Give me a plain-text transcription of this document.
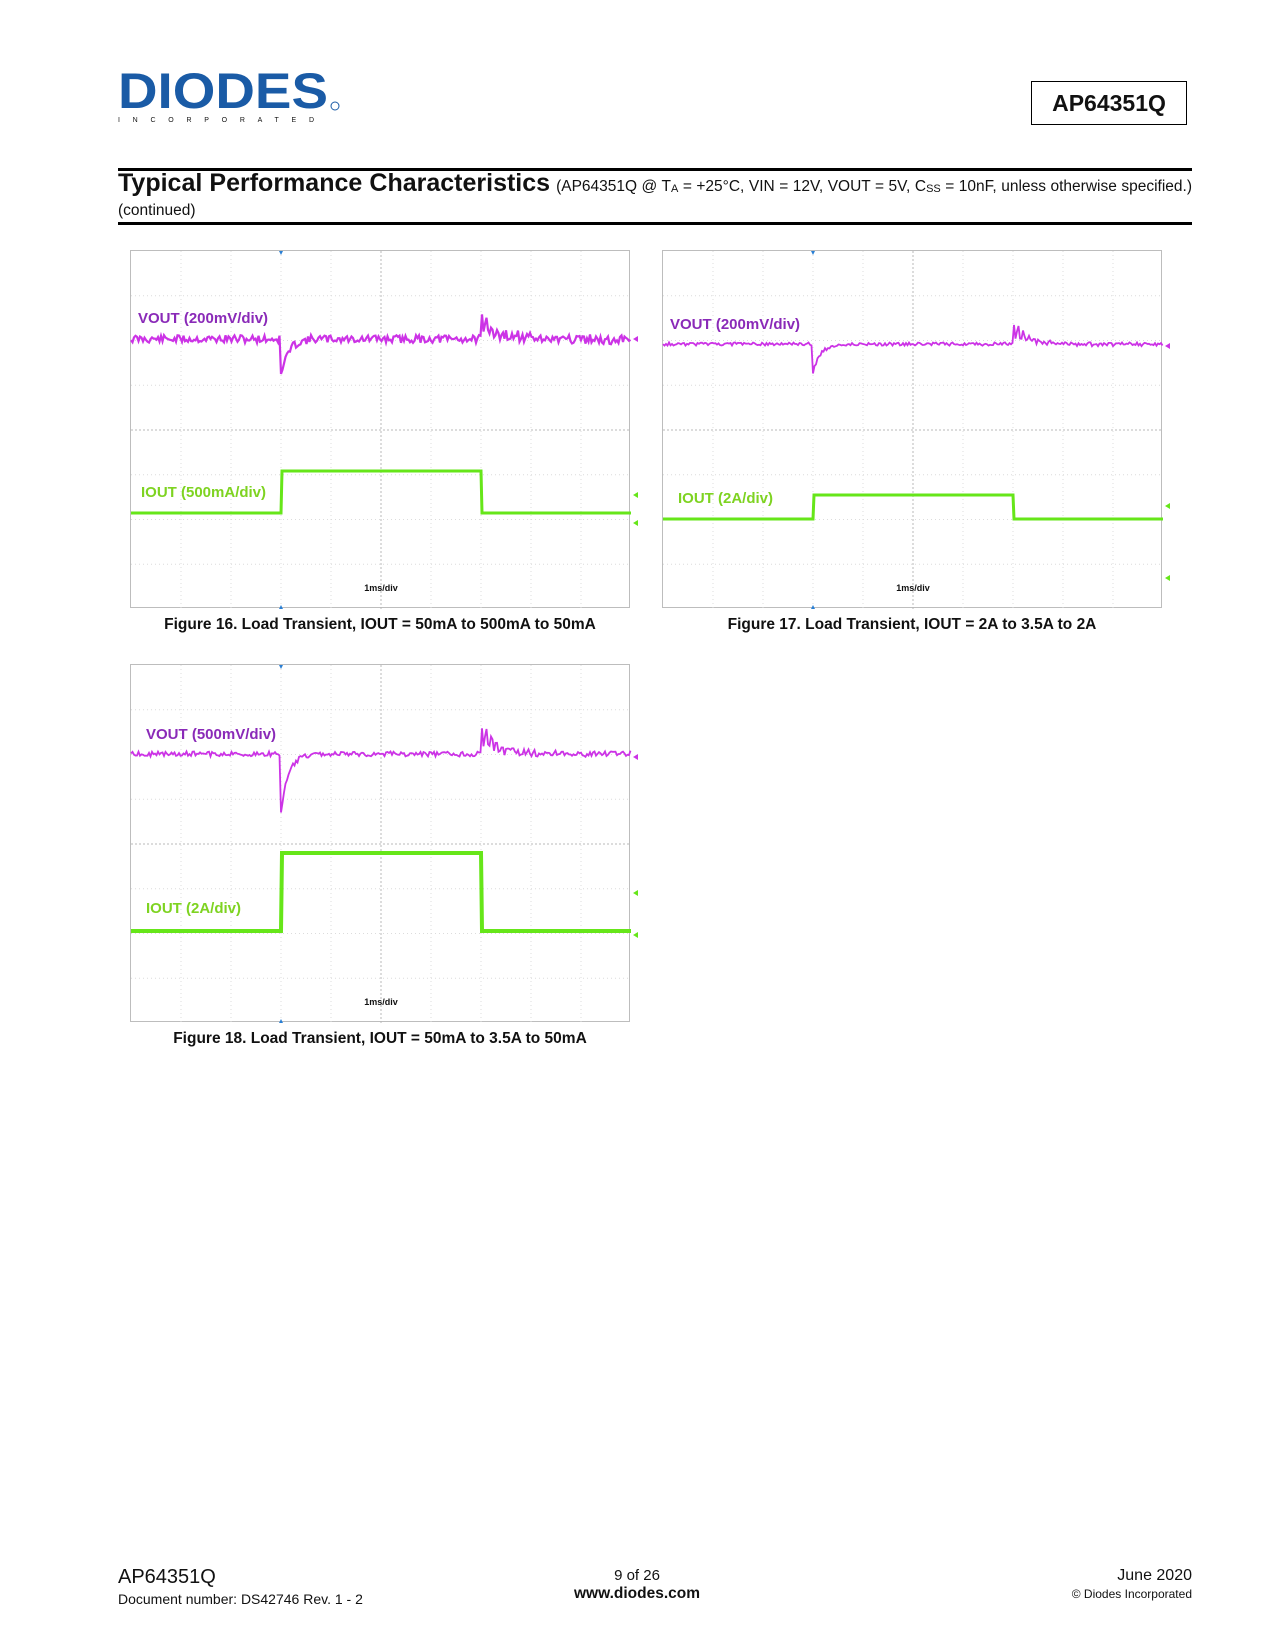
DIODES
INCORPORATED
AP64351Q
Typical Performance Characteristics (AP64351Q @ $T_A = +25^\circ C$, VIN = 12V, VOUT = 5V, $C_{SS} = 10nF$, unless otherwise specified.) (continued)
VOUT (200mV/div)
IOUT (500mA/div)
1ms/div
Figure 16. Load Transient, IOUT = 50mA to 500mA to 50mA
VOUT (200mV/div)
IOUT (2A/div)
1ms/div
Figure 17. Load Transient, IOUT = 2A to 3.5A to 2A
VOUT (500mV/div)
IOUT (2A/div)
1ms/div
Figure 18. Load Transient, IOUT = 50mA to 3.5A to 50mA
AP64351Q
Document number: DS42746 Rev. 1 - 2
9 of 26
www.diodes.com
June 2020
© Diodes Incorporated
